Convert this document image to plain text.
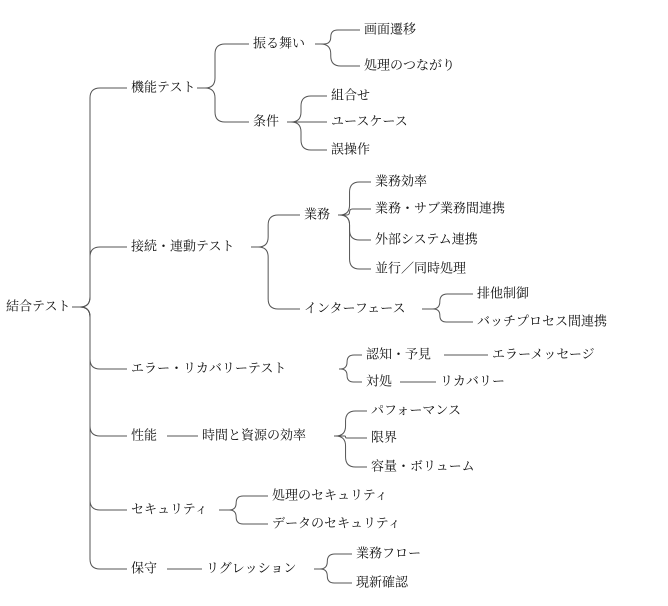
結合テスト
機能テスト
振る舞い
画面遷移
処理のつながり
条件
組合せ
ユースケース
誤操作
接続・連動テスト
業務
業務効率
業務・サブ業務間連携
外部システム連携
並行／同時処理
インターフェース
排他制御
バッチプロセス間連携
エラー・リカバリーテスト
認知・予見	エラーメッセージ
対処	リカバリー
性能	時間と資源の効率
パフォーマンス
限界
容量・ボリューム
セキュリティ
処理のセキュリティ
データのセキュリティ
保守	リグレッション
業務フロー
現新確認
